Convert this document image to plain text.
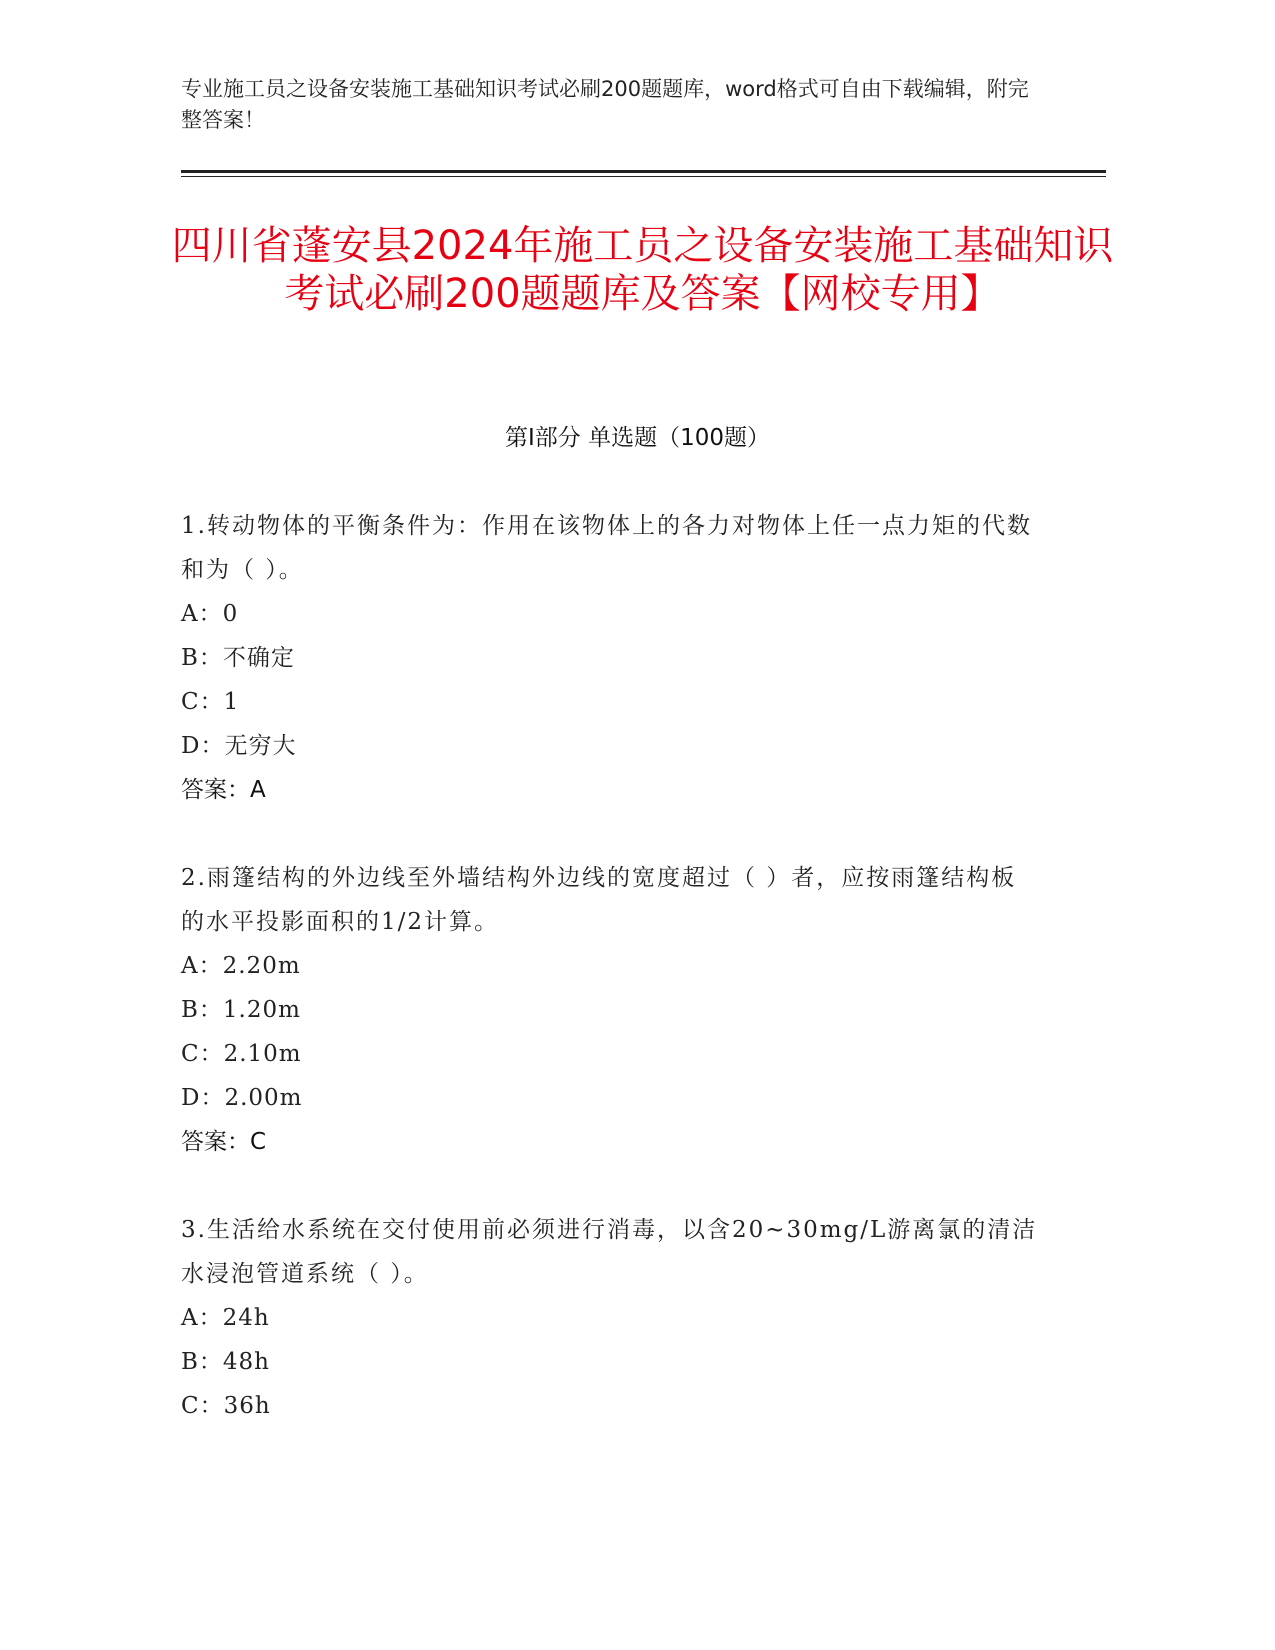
专业施工员之设备安装施工基础知识考试必刷200题题库，word格式可自由下载编辑，附完整答案！
四川省蓬安县2024年施工员之设备安装施工基础知识考试必刷200题题库及答案【网校专用】
第Ⅰ部分 单选题（100题）
1.转动物体的平衡条件为：作用在该物体上的各力对物体上任一点力矩的代数和为（ ）。
A：0
B：不确定
C：1
D：无穷大
答案：A
2.雨篷结构的外边线至外墙结构外边线的宽度超过（ ）者，应按雨篷结构板的水平投影面积的1/2计算。
A：2.20m
B：1.20m
C：2.10m
D：2.00m
答案：C
3.生活给水系统在交付使用前必须进行消毒，以含20~30mg/L游离氯的清洁水浸泡管道系统（ ）。
A：24h
B：48h
C：36h
